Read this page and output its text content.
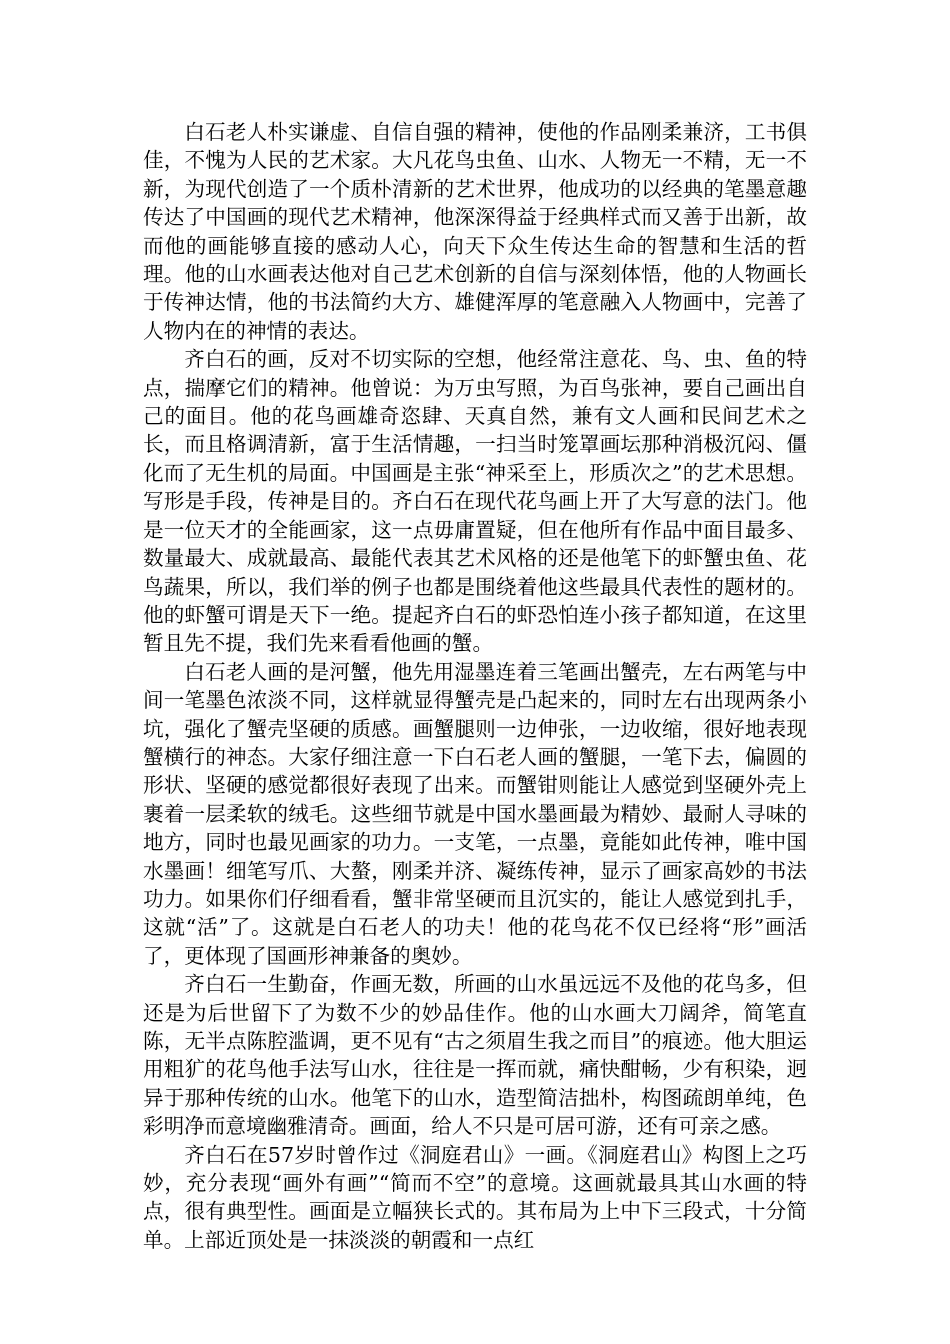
白石老人朴实谦虚、自信自强的精神，使他的作品刚柔兼济，工书俱佳，不愧为人民的艺术家。大凡花鸟虫鱼、山水、人物无一不精，无一不新，为现代创造了一个质朴清新的艺术世界，他成功的以经典的笔墨意趣传达了中国画的现代艺术精神，他深深得益于经典样式而又善于出新，故而他的画能够直接的感动人心，向天下众生传达生命的智慧和生活的哲理。他的山水画表达他对自己艺术创新的自信与深刻体悟，他的人物画长于传神达情，他的书法简约大方、雄健浑厚的笔意融入人物画中，完善了人物内在的神情的表达。

齐白石的画，反对不切实际的空想，他经常注意花、鸟、虫、鱼的特点，揣摩它们的精神。他曾说：为万虫写照，为百鸟张神，要自己画出自己的面目。他的花鸟画雄奇恣肆、天真自然，兼有文人画和民间艺术之长，而且格调清新，富于生活情趣，一扫当时笼罩画坛那种消极沉闷、僵化而了无生机的局面。中国画是主张“神采至上，形质次之”的艺术思想。写形是手段，传神是目的。齐白石在现代花鸟画上开了大写意的法门。他是一位天才的全能画家，这一点毋庸置疑，但在他所有作品中面目最多、数量最大、成就最高、最能代表其艺术风格的还是他笔下的虾蟹虫鱼、花鸟蔬果，所以，我们举的例子也都是围绕着他这些最具代表性的题材的。他的虾蟹可谓是天下一绝。提起齐白石的虾恐怕连小孩子都知道，在这里暂且先不提，我们先来看看他画的蟹。

白石老人画的是河蟹，他先用湿墨连着三笔画出蟹壳，左右两笔与中间一笔墨色浓淡不同，这样就显得蟹壳是凸起来的，同时左右出现两条小坑，强化了蟹壳坚硬的质感。画蟹腿则一边伸张，一边收缩，很好地表现蟹横行的神态。大家仔细注意一下白石老人画的蟹腿，一笔下去，偏圆的形状、坚硬的感觉都很好表现了出来。而蟹钳则能让人感觉到坚硬外壳上裹着一层柔软的绒毛。这些细节就是中国水墨画最为精妙、最耐人寻味的地方，同时也最见画家的功力。一支笔，一点墨，竟能如此传神，唯中国水墨画！细笔写爪、大螯，刚柔并济、凝练传神，显示了画家高妙的书法功力。如果你们仔细看看，蟹非常坚硬而且沉实的，能让人感觉到扎手，这就“活”了。这就是白石老人的功夫！他的花鸟花不仅已经将“形”画活了，更体现了国画形神兼备的奥妙。

齐白石一生勤奋，作画无数，所画的山水虽远远不及他的花鸟多，但还是为后世留下了为数不少的妙品佳作。他的山水画大刀阔斧，简笔直陈，无半点陈腔滥调，更不见有“古之须眉生我之而目”的痕迹。他大胆运用粗犷的花鸟他手法写山水，往往是一挥而就，痛快酣畅，少有积染，迥异于那种传统的山水。他笔下的山水，造型简洁拙朴，构图疏朗单纯，色彩明净而意境幽雅清奇。画面，给人不只是可居可游，还有可亲之感。

齐白石在57岁时曾作过《洞庭君山》一画。《洞庭君山》构图上之巧妙，充分表现“画外有画”“简而不空”的意境。这画就最具其山水画的特点，很有典型性。画面是立幅狭长式的。其布局为上中下三段式，十分简单。上部近顶处是一抹淡淡的朝霞和一点红
